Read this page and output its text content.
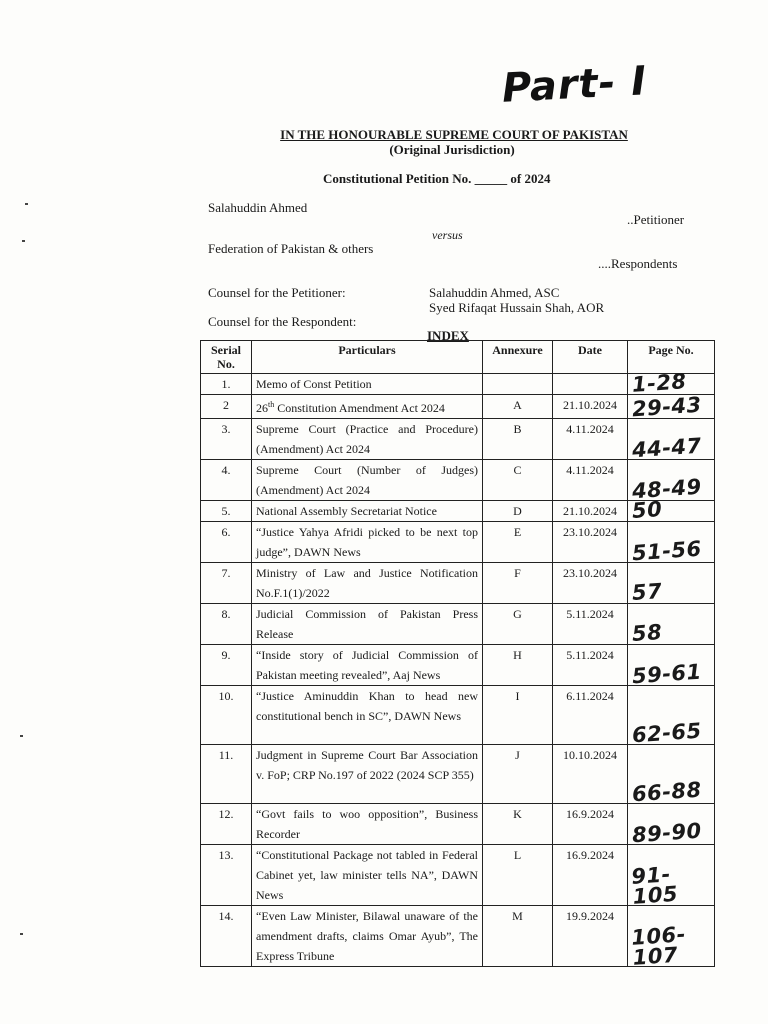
Part- I
IN THE HONOURABLE SUPREME COURT OF PAKISTAN
(Original Jurisdiction)
Constitutional Petition No. _____ of 2024
Salahuddin Ahmed
..Petitioner
versus
Federation of Pakistan & others
....Respondents
Counsel for the Petitioner:	Salahuddin Ahmed, ASC
Syed Rifaqat Hussain Shah, AOR
Counsel for the Respondent:
INDEX
Serial No.	Particulars	Annexure	Date	Page No.
1.	Memo of Const Petition			1-28

2	26th Constitution Amendment Act 2024	A	21.10.2024	29-43

3.	Supreme Court (Practice and Procedure) (Amendment) Act 2024	B	4.11.2024	44-47

4.	Supreme Court (Number of Judges) (Amendment) Act 2024	C	4.11.2024	48-49

5.	National Assembly Secretariat Notice	D	21.10.2024	50

6.	“Justice Yahya Afridi picked to be next top judge”, DAWN News	E	23.10.2024	51-56

7.	Ministry of Law and Justice Notification No.F.1(1)/2022	F	23.10.2024	57

8.	Judicial Commission of Pakistan Press Release	G	5.11.2024	58

9.	“Inside story of Judicial Commission of Pakistan meeting revealed”, Aaj News	H	5.11.2024	59-61

10.	“Justice Aminuddin Khan to head new constitutional bench in SC”, DAWN News	I	6.11.2024	62-65

11.	Judgment in Supreme Court Bar Association v. FoP; CRP No.197 of 2022 (2024 SCP 355)	J	10.10.2024	66-88

12.	“Govt fails to woo opposition”, Business Recorder	K	16.9.2024	89-90

13.	“Constitutional Package not tabled in Federal Cabinet yet, law minister tells NA”, DAWN News	L	16.9.2024	91-105

14.	“Even Law Minister, Bilawal unaware of the amendment drafts, claims Omar Ayub”, The Express Tribune	M	19.9.2024	106-107
